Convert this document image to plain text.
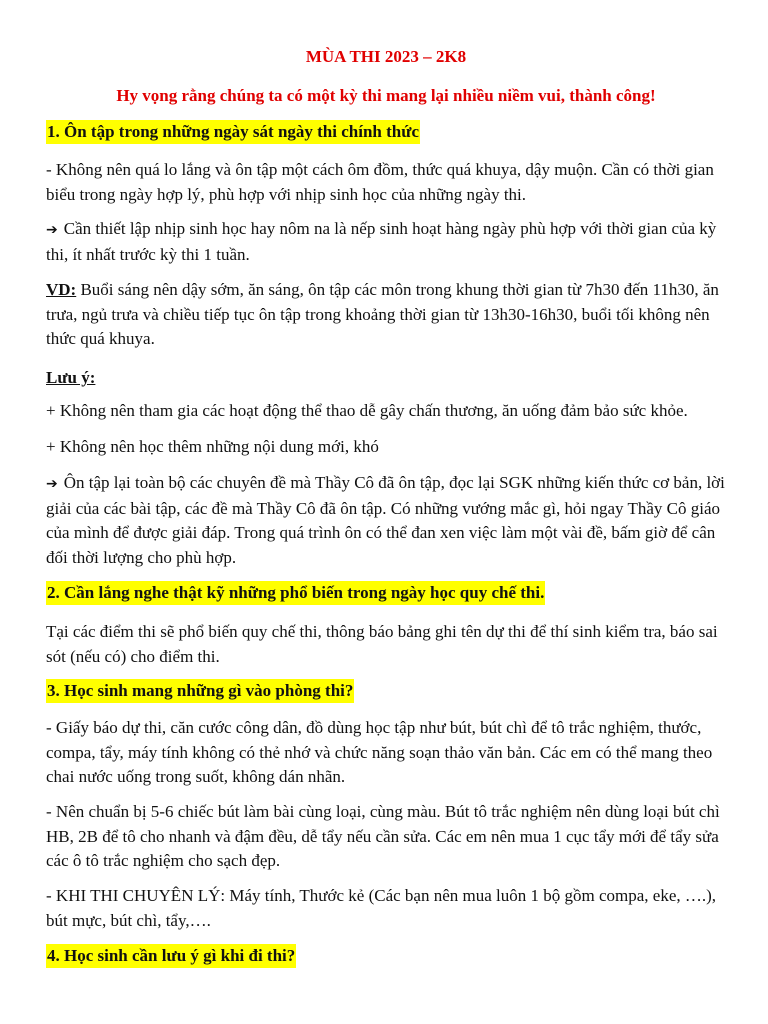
MÙA THI 2023 – 2K8
Hy vọng rằng chúng ta có một kỳ thi mang lại nhiều niềm vui, thành công!
1. Ôn tập trong những ngày sát ngày thi chính thức
- Không nên quá lo lắng và ôn tập một cách ôm đồm, thức quá khuya, dậy muộn. Cần có thời gian biểu trong ngày hợp lý, phù hợp với nhịp sinh học của những ngày thi.
➔ Cần thiết lập nhịp sinh học hay nôm na là nếp sinh hoạt hàng ngày phù hợp với thời gian của kỳ thi, ít nhất trước kỳ thi 1 tuần.
VD: Buổi sáng nên dậy sớm, ăn sáng, ôn tập các môn trong khung thời gian từ 7h30 đến 11h30, ăn trưa, ngủ trưa và chiều tiếp tục ôn tập trong khoảng thời gian từ 13h30-16h30, buổi tối không nên thức quá khuya.
Lưu ý:
+ Không nên tham gia các hoạt động thể thao dễ gây chấn thương, ăn uống đảm bảo sức khỏe.
+ Không nên học thêm những nội dung mới, khó
➔ Ôn tập lại toàn bộ các chuyên đề mà Thầy Cô đã ôn tập, đọc lại SGK những kiến thức cơ bản, lời giải của các bài tập, các đề mà Thầy Cô đã ôn tập. Có những vướng mắc gì, hỏi ngay Thầy Cô giáo của mình để được giải đáp. Trong quá trình ôn có thể đan xen việc làm một vài đề, bấm giờ để cân đối thời lượng cho phù hợp.
2. Cần lắng nghe thật kỹ những phổ biến trong ngày học quy chế thi.
Tại các điểm thi sẽ phổ biến quy chế thi, thông báo bảng ghi tên dự thi để thí sinh kiểm tra, báo sai sót (nếu có) cho điểm thi.
3. Học sinh mang những gì vào phòng thi?
- Giấy báo dự thi, căn cước công dân, đồ dùng học tập như bút, bút chì để tô trắc nghiệm, thước, compa, tẩy, máy tính không có thẻ nhớ và chức năng soạn thảo văn bản. Các em có thể mang theo chai nước uống trong suốt, không dán nhãn.
- Nên chuẩn bị 5-6 chiếc bút làm bài cùng loại, cùng màu. Bút tô trắc nghiệm nên dùng loại bút chì HB, 2B để tô cho nhanh và đậm đều, dễ tẩy nếu cần sửa. Các em nên mua 1 cục tẩy mới để tẩy sửa các ô tô trắc nghiệm cho sạch đẹp.
- KHI THI CHUYÊN LÝ: Máy tính, Thước kẻ (Các bạn nên mua luôn 1 bộ gồm compa, eke, ….), bút mực, bút chì, tẩy,….
4. Học sinh cần lưu ý gì khi đi thi?
